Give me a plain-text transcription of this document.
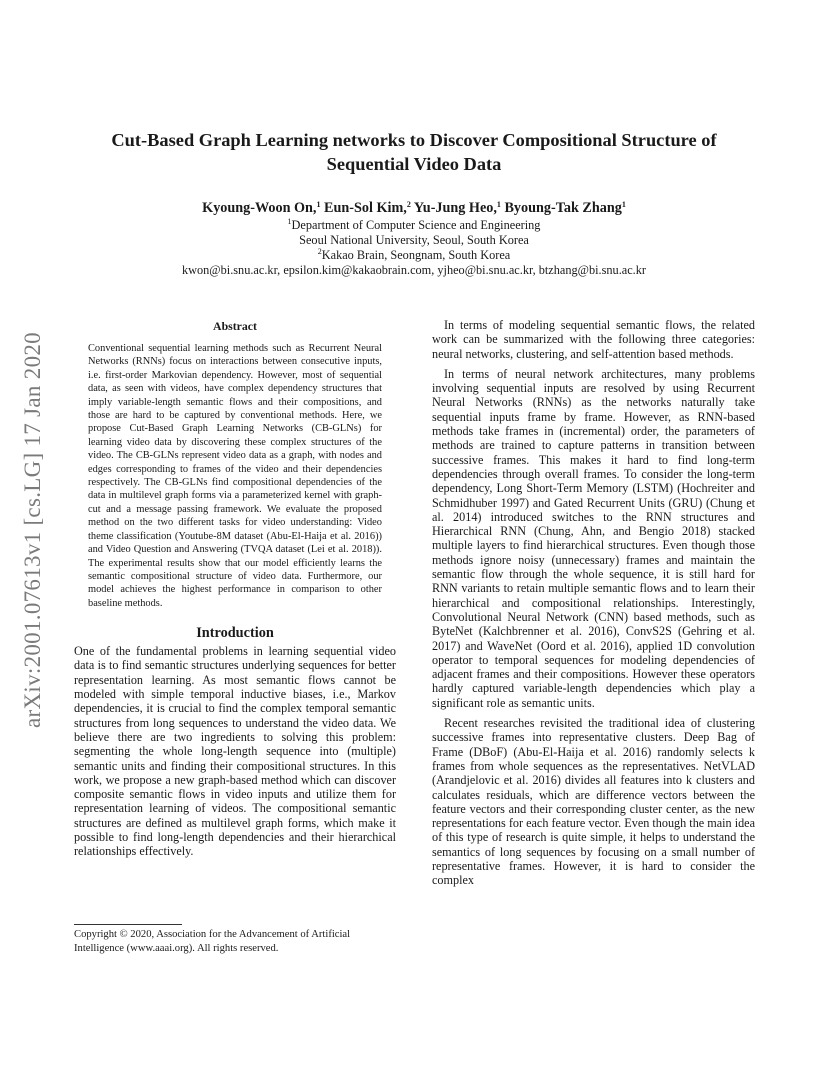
arXiv:2001.07613v1 [cs.LG] 17 Jan 2020
Cut-Based Graph Learning networks to Discover Compositional Structure of
Sequential Video Data
Kyoung-Woon On,$^1$ Eun-Sol Kim,$^2$ Yu-Jung Heo,$^1$ Byoung-Tak Zhang$^1$
$^1$Department of Computer Science and Engineering
Seoul National University, Seoul, South Korea
$^2$Kakao Brain, Seongnam, South Korea
kwon@bi.snu.ac.kr, epsilon.kim@kakaobrain.com, yjheo@bi.snu.ac.kr, btzhang@bi.snu.ac.kr
Abstract

Conventional sequential learning methods such as Recurrent Neural Networks (RNNs) focus on interactions between consecutive inputs, i.e. first-order Markovian dependency. However, most of sequential data, as seen with videos, have complex dependency structures that imply variable-length semantic flows and their compositions, and those are hard to be captured by conventional methods. Here, we propose Cut-Based Graph Learning Networks (CB-GLNs) for learning video data by discovering these complex structures of the video. The CB-GLNs represent video data as a graph, with nodes and edges corresponding to frames of the video and their dependencies respectively. The CB-GLNs find compositional dependencies of the data in multilevel graph forms via a parameterized kernel with graph-cut and a message passing framework. We evaluate the proposed method on the two different tasks for video understanding: Video theme classification (Youtube-8M dataset (Abu-El-Haija et al. 2016)) and Video Question and Answering (TVQA dataset (Lei et al. 2018)). The experimental results show that our model efficiently learns the semantic compositional structure of video data. Furthermore, our model achieves the highest performance in comparison to other baseline methods.

Introduction

One of the fundamental problems in learning sequential video data is to find semantic structures underlying sequences for better representation learning. As most semantic flows cannot be modeled with simple temporal inductive biases, i.e., Markov dependencies, it is crucial to find the complex temporal semantic structures from long sequences to understand the video data. We believe there are two ingredients to solving this problem: segmenting the whole long-length sequence into (multiple) semantic units and finding their compositional structures. In this work, we propose a new graph-based method which can discover composite semantic flows in video inputs and utilize them for representation learning of videos. The compositional semantic structures are defined as multilevel graph forms, which make it possible to find long-length dependencies and their hierarchical relationships effectively.

Copyright © 2020, Association for the Advancement of Artificial Intelligence (www.aaai.org). All rights reserved.

In terms of modeling sequential semantic flows, the related work can be summarized with the following three categories: neural networks, clustering, and self-attention based methods.

In terms of neural network architectures, many problems involving sequential inputs are resolved by using Recurrent Neural Networks (RNNs) as the networks naturally take sequential inputs frame by frame. However, as RNN-based methods take frames in (incremental) order, the parameters of methods are trained to capture patterns in transition between successive frames. This makes it hard to find long-term dependencies through overall frames. To consider the long-term dependency, Long Short-Term Memory (LSTM) (Hochreiter and Schmidhuber 1997) and Gated Recurrent Units (GRU) (Chung et al. 2014) introduced switches to the RNN structures and Hierarchical RNN (Chung, Ahn, and Bengio 2018) stacked multiple layers to find hierarchical structures. Even though those methods ignore noisy (unnecessary) frames and maintain the semantic flow through the whole sequence, it is still hard for RNN variants to retain multiple semantic flows and to learn their hierarchical and compositional relationships. Interestingly, Convolutional Neural Network (CNN) based methods, such as ByteNet (Kalchbrenner et al. 2016), ConvS2S (Gehring et al. 2017) and WaveNet (Oord et al. 2016), applied 1D convolution operator to temporal sequences for modeling dependencies of adjacent frames and their compositions. However these operators hardly captured variable-length dependencies which play a significant role as semantic units.

Recent researches revisited the traditional idea of clustering successive frames into representative clusters. Deep Bag of Frame (DBoF) (Abu-El-Haija et al. 2016) randomly selects k frames from whole sequences as the representatives. NetVLAD (Arandjelovic et al. 2016) divides all features into k clusters and calculates residuals, which are difference vectors between the feature vectors and their corresponding cluster center, as the new representations for each feature vector. Even though the main idea of this type of research is quite simple, it helps to understand the semantics of long sequences by focusing on a small number of representative frames. However, it is hard to consider the complex
